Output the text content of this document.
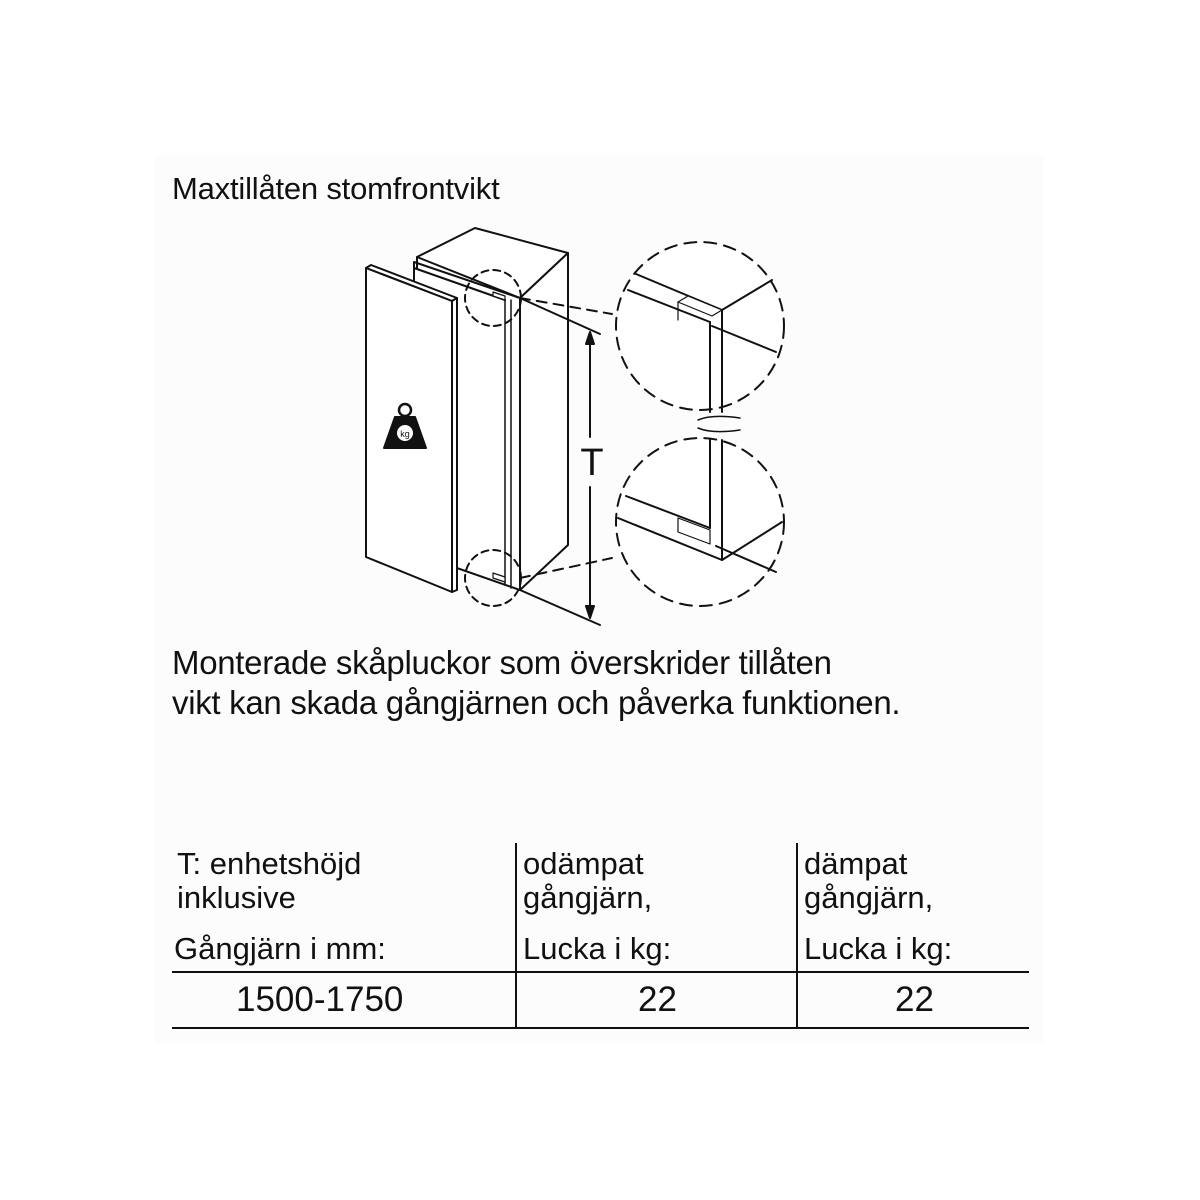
Maxtillåten stomfrontvikt
kg
T
Monterade skåpluckor som överskrider tillåten
vikt kan skada gångjärnen och påverka funktionen.
T: enhetshöjd
inklusive
Gångjärn i mm:
odämpat
gångjärn,
Lucka i kg:
dämpat
gångjärn,
Lucka i kg:
1500-1750	22	22
